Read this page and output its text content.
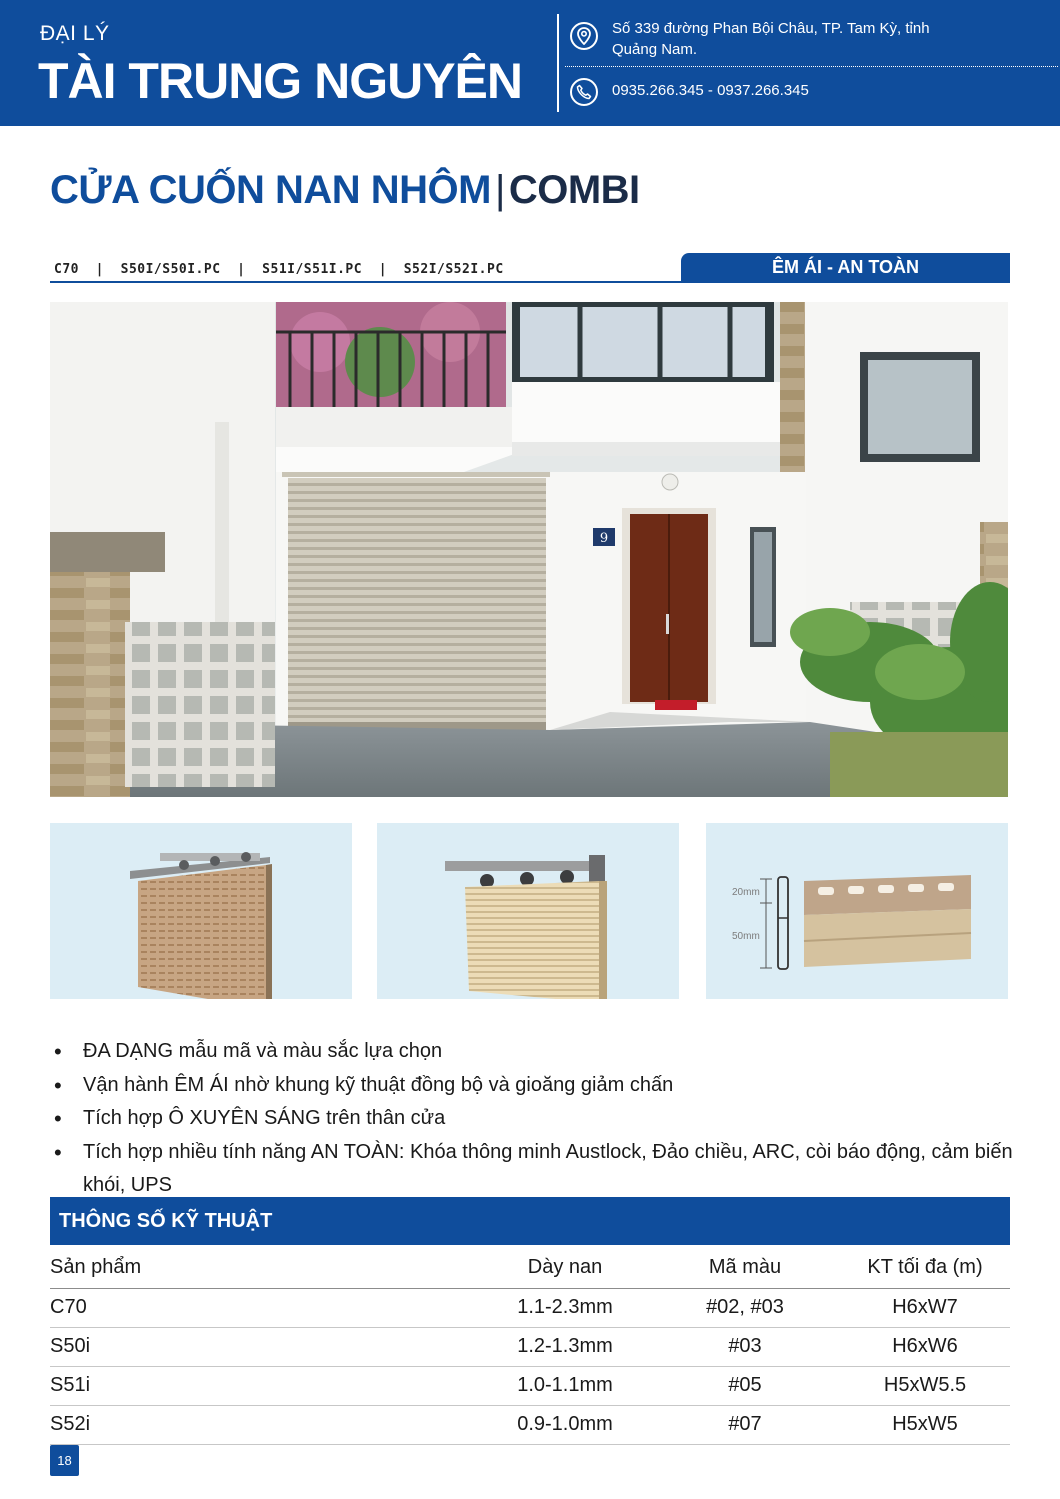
ĐẠI LÝ
TÀI TRUNG NGUYÊN
Số 339 đường Phan Bội Châu, TP. Tam Kỳ, tỉnh Quảng Nam.
0935.266.345 - 0937.266.345
CỬA CUỐN NAN NHÔM | COMBI
C70  |  S50I/S50I.PC  |  S51I/S51I.PC  |  S52I/S52I.PC	ÊM ÁI - AN TOÀN
9
20mm
50mm
• ĐA DẠNG mẫu mã và màu sắc lựa chọn
• Vận hành ÊM ÁI nhờ khung kỹ thuật đồng bộ và gioăng giảm chấn
• Tích hợp Ô XUYÊN SÁNG trên thân cửa
• Tích hợp nhiều tính năng AN TOÀN: Khóa thông minh Austlock, Đảo chiều, ARC, còi báo động, cảm biến khói, UPS
THÔNG SỐ KỸ THUẬT
Sản phẩm	Dày nan	Mã màu	KT tối đa (m)
C70	1.1-2.3mm	#02, #03	H6xW7
S50i	1.2-1.3mm	#03	H6xW6
S51i	1.0-1.1mm	#05	H5xW5.5
S52i	0.9-1.0mm	#07	H5xW5
18
